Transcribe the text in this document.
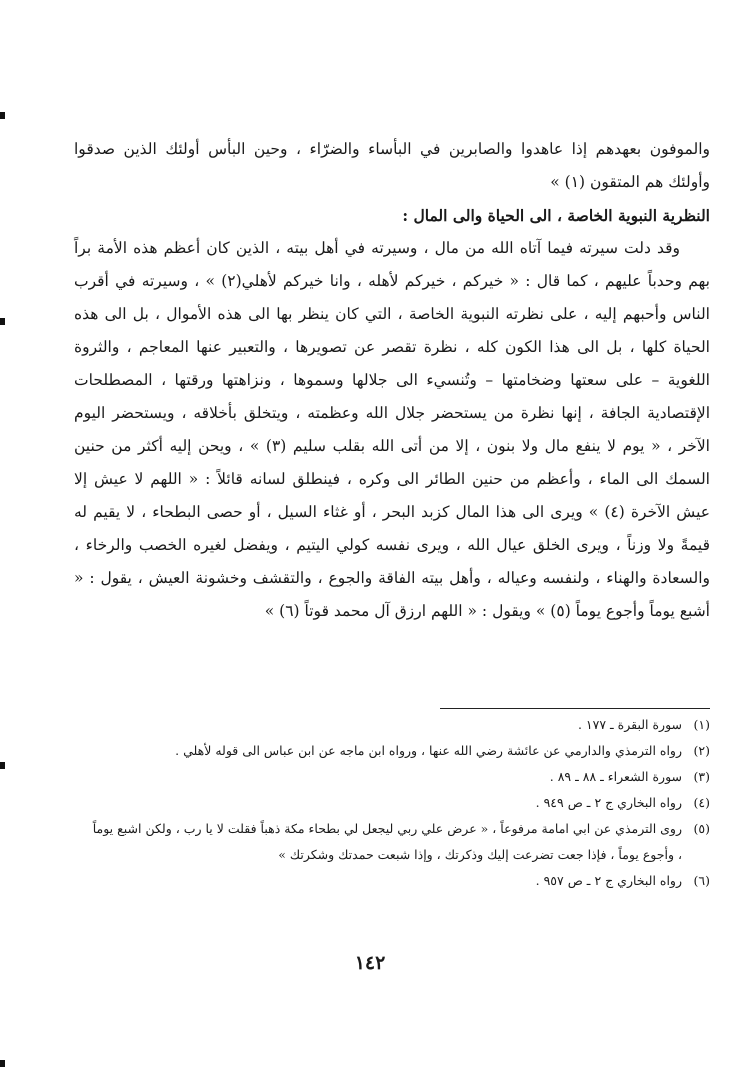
والموفون بعهدهم إذا عاهدوا والصابرين في البأساء والضرّاء ، وحين البأس أولئك الذين صدقوا وأولئك هم المتقون (١) »

النظرية النبوية الخاصة ، الى الحياة والى المال :

وقد دلت سيرته فيما آتاه الله من مال ، وسيرته في أهل بيته ، الذين كان أعظم هذه الأمة براً بهم وحدباً عليهم ، كما قال : « خيركم ، خيركم لأهله ، وانا خيركم لأهلي(٢) » ، وسيرته في أقرب الناس وأحبهم إليه ، على نظرته النبوية الخاصة ، التي كان ينظر بها الى هذه الأموال ، بل الى هذه الحياة كلها ، بل الى هذا الكون كله ، نظرة تقصر عن تصويرها ، والتعبير عنها المعاجم ، والثروة اللغوية – على سعتها وضخامتها – وتُنسيء الى جلالها وسموها ، ونزاهتها ورقتها ، المصطلحات الإقتصادية الجافة ، إنها نظرة من يستحضر جلال الله وعظمته ، ويتخلق بأخلاقه ، ويستحضر اليوم الآخر ، « يوم لا ينفع مال ولا بنون ، إلا من أتى الله بقلب سليم (٣) » ، ويحن إليه أكثر من حنين السمك الى الماء ، وأعظم من حنين الطائر الى وكره ، فينطلق لسانه قائلاً : « اللهم لا عيش إلا عيش الآخرة (٤) » ويرى الى هذا المال كزبد البحر ، أو غثاء السيل ، أو حصى البطحاء ، لا يقيم له قيمةً ولا وزناً ، ويرى الخلق عيال الله ، ويرى نفسه كولي اليتيم ، ويفضل لغيره الخصب والرخاء ، والسعادة والهناء ، ولنفسه وعياله ، وأهل بيته الفاقة والجوع ، والتقشف وخشونة العيش ، يقول : « أشبع يوماً وأجوع يوماً (٥) » ويقول : « اللهم ارزق آل محمد قوتاً (٦) »

(١)
سورة البقرة ـ ١٧٧ .
(٢)
رواه الترمذي والدارمي عن عائشة رضي الله عنها ، ورواه ابن ماجه عن ابن عباس الى قوله لأهلي .
(٣)
سورة الشعراء ـ ٨٨ ـ ٨٩ .
(٤)
رواه البخاري ج ٢ ـ ص ٩٤٩ .
(٥)
روى الترمذي عن ابي امامة مرفوعاً ، « عرض علي ربي ليجعل لي بطحاء مكة ذهباً فقلت لا يا رب ، ولكن اشبع يوماً ، وأجوع يوماً ، فإذا جعت تضرعت إليك وذكرتك ، وإذا شبعت حمدتك وشكرتك »
(٦)
رواه البخاري ج ٢ ـ ص ٩٥٧ .
١٤٢
